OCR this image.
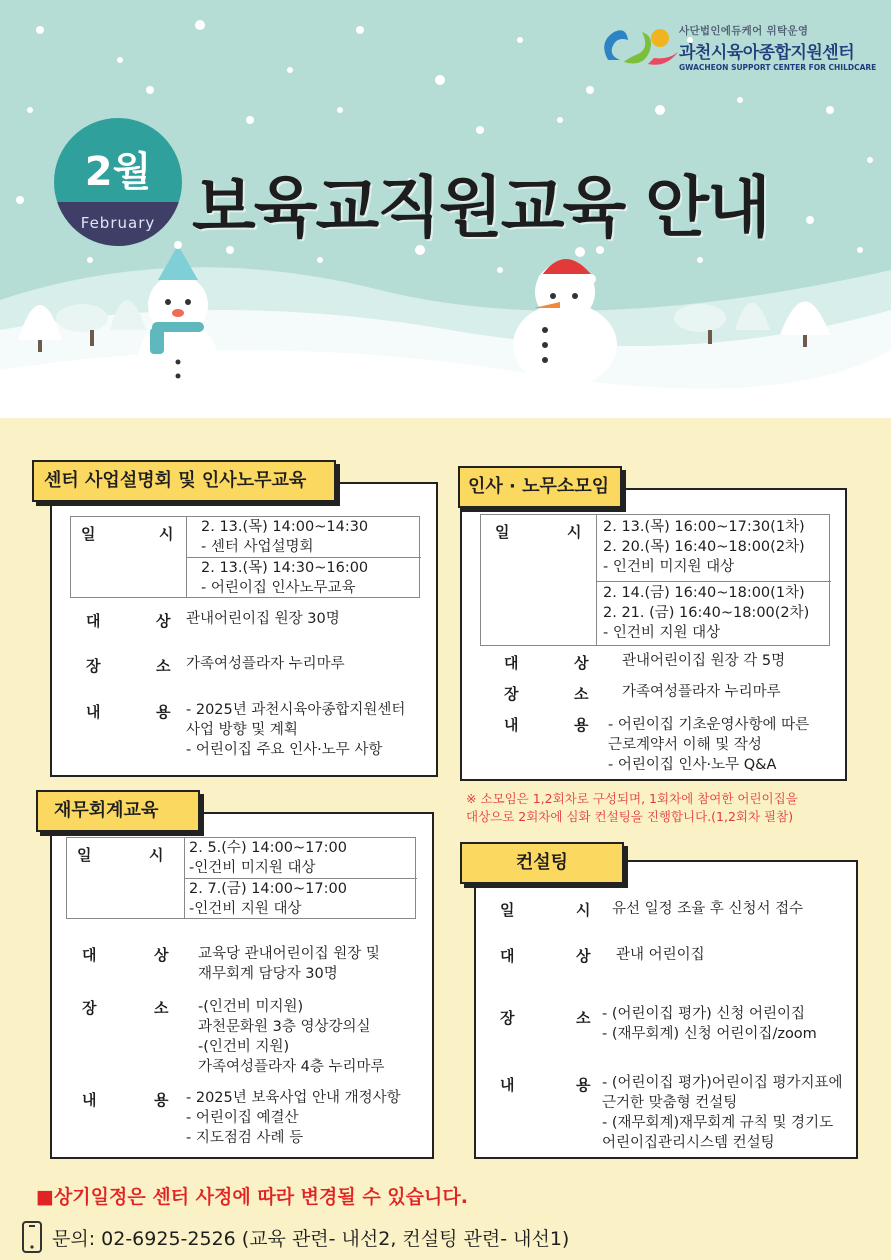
사단법인에듀케어 위탁운영
과천시육아종합지원센터
GWACHEON SUPPORT CENTER FOR CHILDCARE
2월
February 보육교직원교육 안내
일	시 2. 13.(목) 14:00~14:30
- 센터 사업설명회
2. 13.(목) 14:30~16:00
- 어린이집 인사노무교육
대	상 관내어린이집 원장 30명
장	소 가족여성플라자 누리마루
내	용 - 2025년 과천시육아종합지원센터
사업 방향 및 계획
- 어린이집 주요 인사·노무 사항
센터 사업설명회 및 인사노무교육
일	시 2. 13.(목) 16:00~17:30(1차)
2. 20.(목) 16:40~18:00(2차)
- 인건비 미지원 대상
2. 14.(금) 16:40~18:00(1차)
2. 21. (금) 16:40~18:00(2차)
- 인건비 지원 대상
대	상 관내어린이집 원장 각 5명
장	소 가족여성플라자 누리마루
내	용 - 어린이집 기초운영사항에 따른
근로계약서 이해 및 작성
- 어린이집 인사·노무 Q&A
인사 · 노무소모임
※ 소모임은 1,2회차로 구성되며, 1회차에 참여한 어린이집을
대상으로 2회차에 심화 컨설팅을 진행합니다.(1,2회차 필참)
일	시 2. 5.(수) 14:00~17:00
-인건비 미지원 대상
2. 7.(금) 14:00~17:00
-인건비 지원 대상
대	상 교육당 관내어린이집 원장 및
재무회계 담당자 30명
장	소 -(인건비 미지원)
과천문화원 3층 영상강의실
-(인건비 지원)
가족여성플라자 4층 누리마루
내	용 - 2025년 보육사업 안내 개정사항
- 어린이집 예결산
- 지도점검 사례 등
재무회계교육
일	시 유선 일정 조율 후 신청서 접수
대	상 관내 어린이집
장	소 - (어린이집 평가) 신청 어린이집
- (재무회계) 신청 어린이집/zoom
내	용 - (어린이집 평가)어린이집 평가지표에
근거한 맞춤형 컨설팅
- (재무회계)재무회계 규칙 및 경기도
어린이집관리시스템 컨설팅
컨설팅
■상기일정은 센터 사정에 따라 변경될 수 있습니다.
문의: 02-6925-2526 (교육 관련- 내선2, 컨설팅 관련- 내선1)
